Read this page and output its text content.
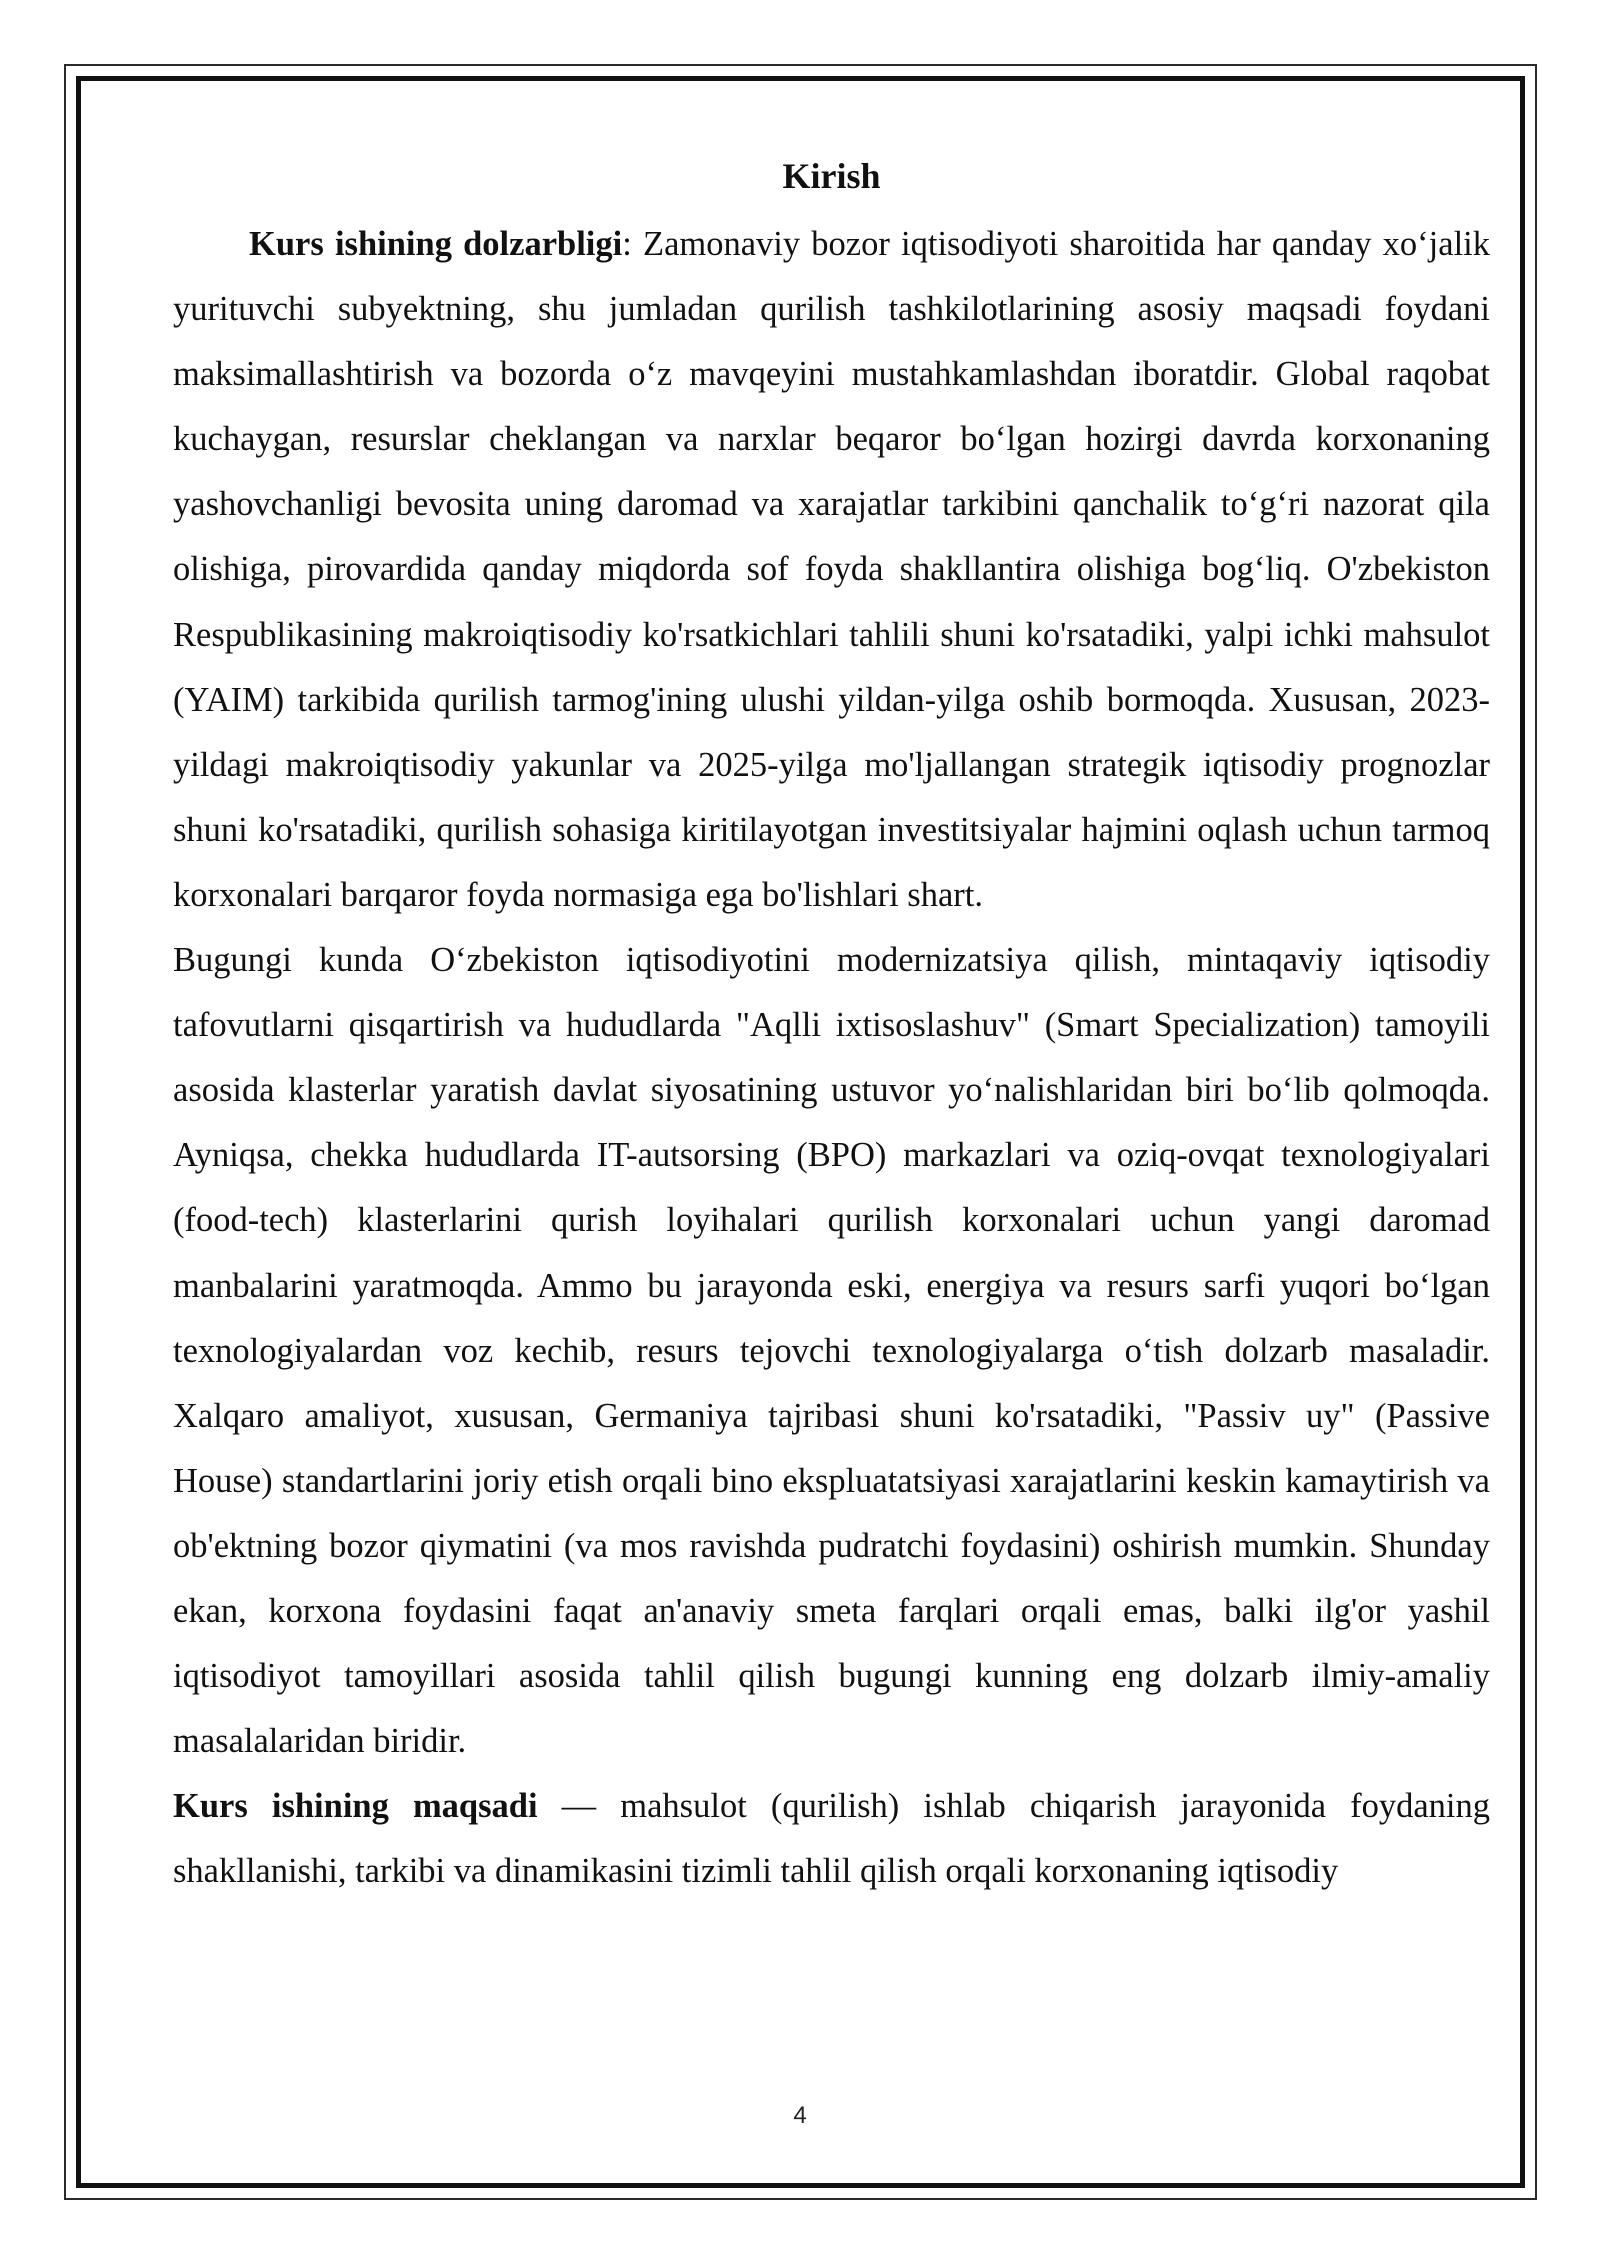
Kirish

Kurs ishining dolzarbligi: Zamonaviy bozor iqtisodiyoti sharoitida har qanday xo‘jalik yurituvchi subyektning, shu jumladan qurilish tashkilotlarining asosiy maqsadi foydani maksimallashtirish va bozorda o‘z mavqeyini mustahkamlashdan iboratdir. Global raqobat kuchaygan, resurslar cheklangan va narxlar beqaror bo‘lgan hozirgi davrda korxonaning yashovchanligi bevosita uning daromad va xarajatlar tarkibini qanchalik to‘g‘ri nazorat qila olishiga, pirovardida qanday miqdorda sof foyda shakllantira olishiga bog‘liq. O'zbekiston Respublikasining makroiqtisodiy ko'rsatkichlari tahlili shuni ko'rsatadiki, yalpi ichki mahsulot (YAIM) tarkibida qurilish tarmog'ining ulushi yildan-yilga oshib bormoqda. Xususan, 2023-yildagi makroiqtisodiy yakunlar va 2025-yilga mo'ljallangan strategik iqtisodiy prognozlar shuni ko'rsatadiki, qurilish sohasiga kiritilayotgan investitsiyalar hajmini oqlash uchun tarmoq korxonalari barqaror foyda normasiga ega bo'lishlari shart.

Bugungi kunda O‘zbekiston iqtisodiyotini modernizatsiya qilish, mintaqaviy iqtisodiy tafovutlarni qisqartirish va hududlarda "Aqlli ixtisoslashuv" (Smart Specialization) tamoyili asosida klasterlar yaratish davlat siyosatining ustuvor yo‘nalishlaridan biri bo‘lib qolmoqda. Ayniqsa, chekka hududlarda IT-autsorsing (BPO) markazlari va oziq-ovqat texnologiyalari (food-tech) klasterlarini qurish loyihalari qurilish korxonalari uchun yangi daromad manbalarini yaratmoqda. Ammo bu jarayonda eski, energiya va resurs sarfi yuqori bo‘lgan texnologiyalardan voz kechib, resurs tejovchi texnologiyalarga o‘tish dolzarb masaladir. Xalqaro amaliyot, xususan, Germaniya tajribasi shuni ko'rsatadiki, "Passiv uy" (Passive House) standartlarini joriy etish orqali bino ekspluatatsiyasi xarajatlarini keskin kamaytirish va ob'ektning bozor qiymatini (va mos ravishda pudratchi foydasini) oshirish mumkin. Shunday ekan, korxona foydasini faqat an'anaviy smeta farqlari orqali emas, balki ilg'or yashil iqtisodiyot tamoyillari asosida tahlil qilish bugungi kunning eng dolzarb ilmiy-amaliy masalalaridan biridir.

Kurs ishining maqsadi — mahsulot (qurilish) ishlab chiqarish jarayonida foydaning shakllanishi, tarkibi va dinamikasini tizimli tahlil qilish orqali korxonaning iqtisodiy

4
